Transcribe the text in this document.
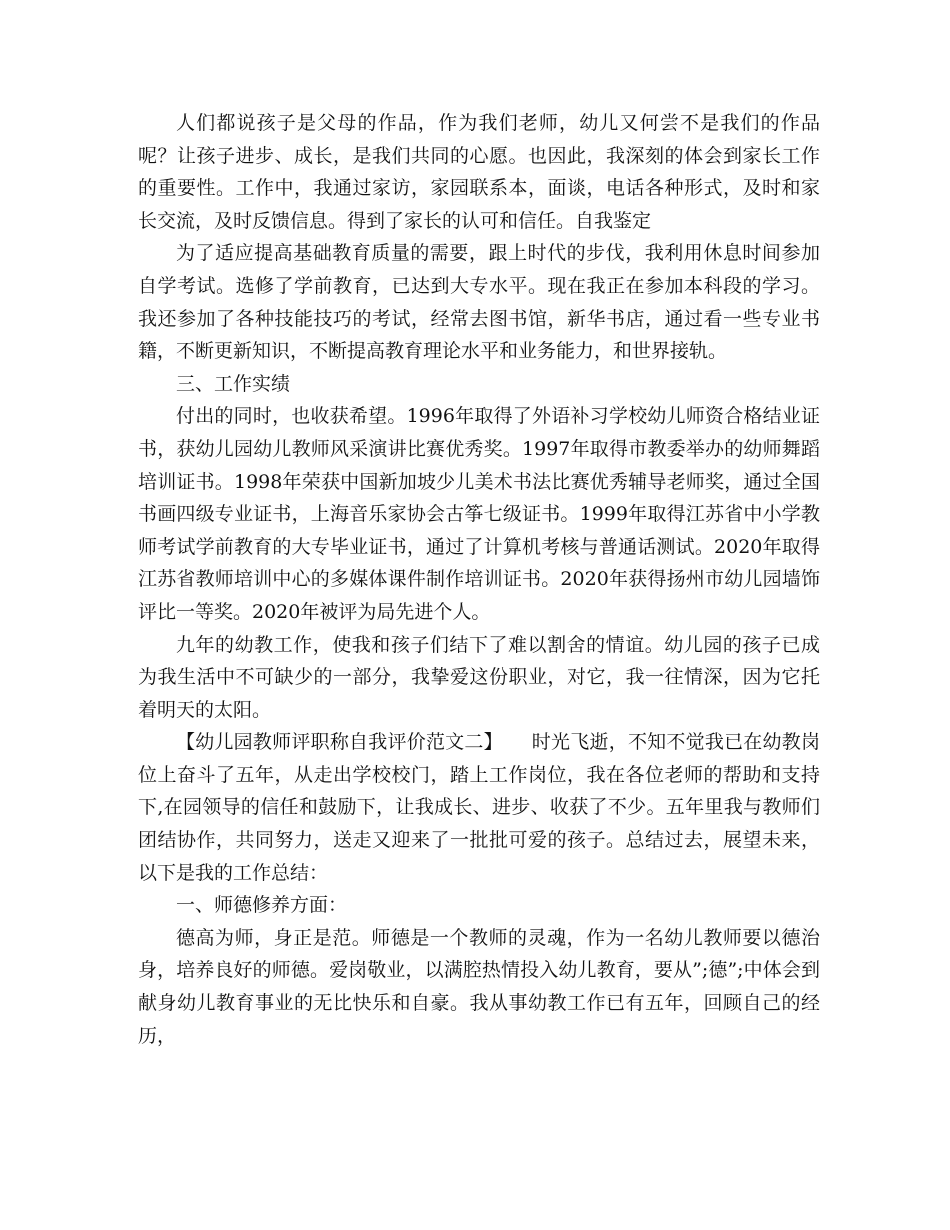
人们都说孩子是父母的作品，作为我们老师，幼儿又何尝不是我们的作品呢？让孩子进步、成长，是我们共同的心愿。也因此，我深刻的体会到家长工作的重要性。工作中，我通过家访，家园联系本，面谈，电话各种形式，及时和家长交流，及时反馈信息。得到了家长的认可和信任。自我鉴定

为了适应提高基础教育质量的需要，跟上时代的步伐，我利用休息时间参加自学考试。选修了学前教育，已达到大专水平。现在我正在参加本科段的学习。我还参加了各种技能技巧的考试，经常去图书馆，新华书店，通过看一些专业书籍，不断更新知识，不断提高教育理论水平和业务能力，和世界接轨。

三、工作实绩

付出的同时，也收获希望。1996年取得了外语补习学校幼儿师资合格结业证书，获幼儿园幼儿教师风采演讲比赛优秀奖。1997年取得市教委举办的幼师舞蹈培训证书。1998年荣获中国新加坡少儿美术书法比赛优秀辅导老师奖，通过全国书画四级专业证书，上海音乐家协会古筝七级证书。1999年取得江苏省中小学教师考试学前教育的大专毕业证书，通过了计算机考核与普通话测试。2020年取得江苏省教师培训中心的多媒体课件制作培训证书。2020年获得扬州市幼儿园墙饰评比一等奖。2020年被评为局先进个人。

九年的幼教工作，使我和孩子们结下了难以割舍的情谊。幼儿园的孩子已成为我生活中不可缺少的一部分，我挚爱这份职业，对它，我一往情深，因为它托着明天的太阳。

【幼儿园教师评职称自我评价范文二】　　时光飞逝，不知不觉我已在幼教岗位上奋斗了五年，从走出学校校门，踏上工作岗位，我在各位老师的帮助和支持下,在园领导的信任和鼓励下，让我成长、进步、收获了不少。五年里我与教师们团结协作，共同努力，送走又迎来了一批批可爱的孩子。总结过去，展望未来，以下是我的工作总结：

一、师德修养方面：

德高为师，身正是范。师德是一个教师的灵魂，作为一名幼儿教师要以德治身，培养良好的师德。爱岗敬业，以满腔热情投入幼儿教育，要从”;德”;中体会到献身幼儿教育事业的无比快乐和自豪。我从事幼教工作已有五年，回顾自己的经历，
